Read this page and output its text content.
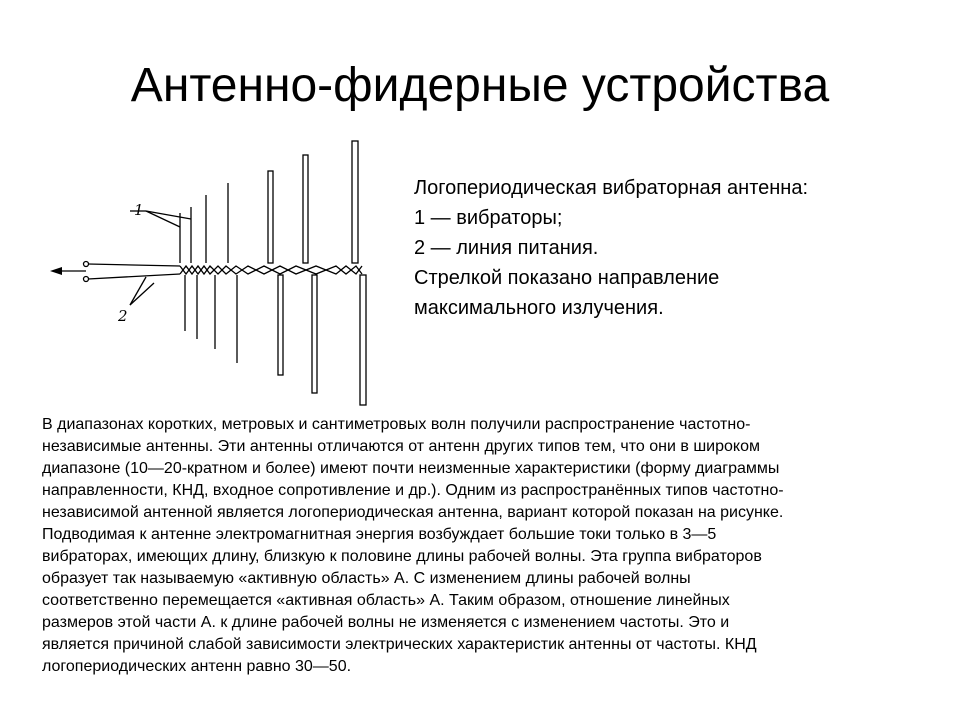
Антенно-фидерные устройства
1
2
Логопериодическая вибраторная антенна:
1 — вибраторы;
2 — линия питания.
Стрелкой показано направление
максимального излучения.
В диапазонах коротких, метровых и сантиметровых волн получили распространение частотно-
независимые антенны. Эти антенны отличаются от антенн других типов тем, что они в широком
диапазоне (10—20-кратном и более) имеют почти неизменные характеристики (форму диаграммы
направленности, КНД, входное сопротивление и др.). Одним из распространённых типов частотно-
независимой антенной является логопериодическая антенна, вариант которой показан на рисунке.
Подводимая к антенне электромагнитная энергия возбуждает большие токи только в 3—5
вибраторах, имеющих длину, близкую к половине длины рабочей волны. Эта группа вибраторов
образует так называемую «активную область» А. С изменением длины рабочей волны
соответственно перемещается «активная область» А. Таким образом, отношение линейных
размеров этой части А. к длине рабочей волны не изменяется с изменением частоты. Это и
является причиной слабой зависимости электрических характеристик антенны от частоты. КНД
логопериодических антенн равно 30—50.
